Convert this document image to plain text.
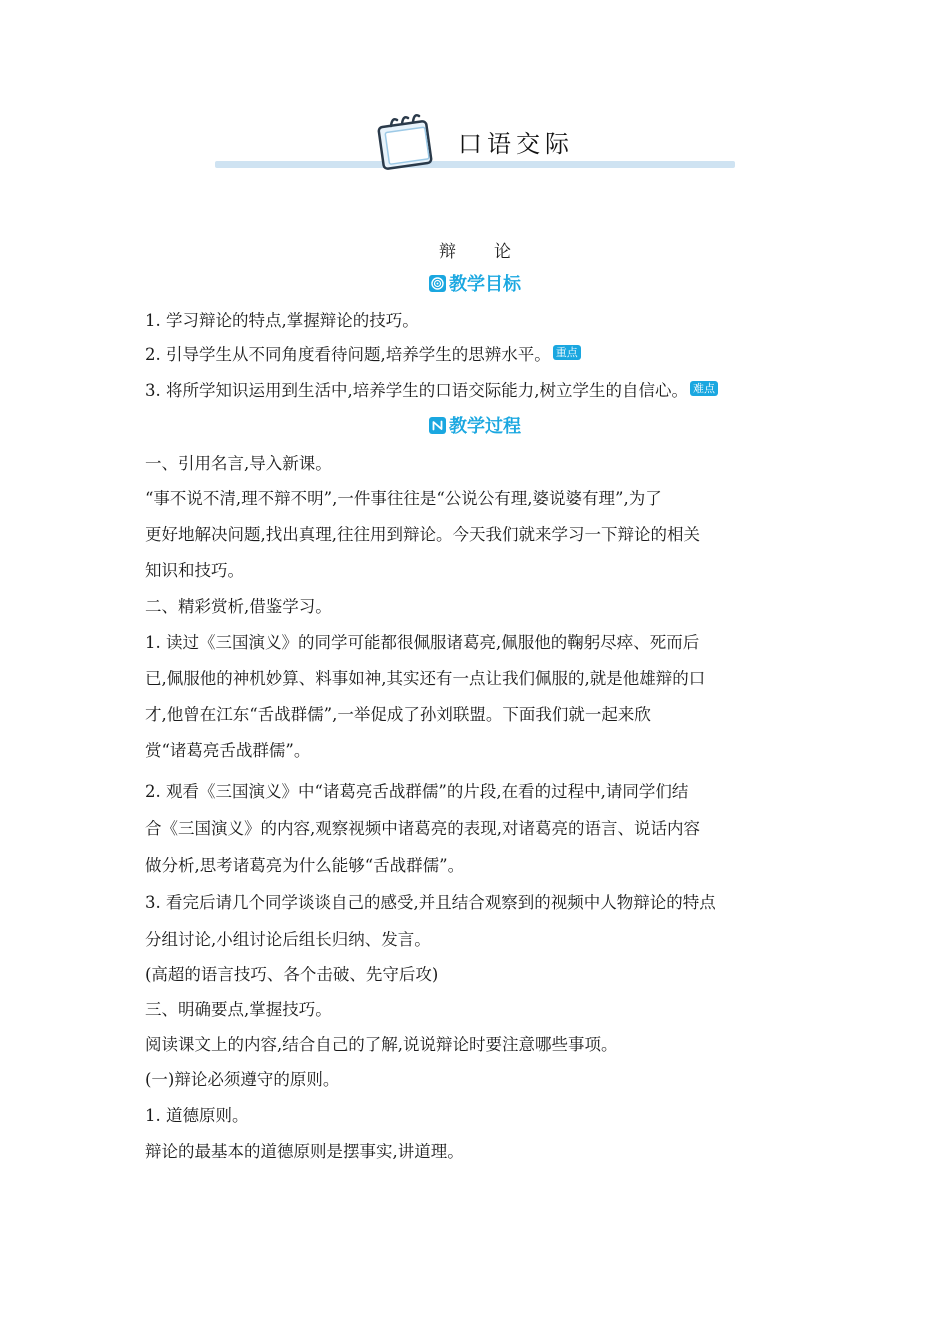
口语交际
辩 论
教学目标
1. 学习辩论的特点,掌握辩论的技巧。
2. 引导学生从不同角度看待问题,培养学生的思辨水平。 重点
3. 将所学知识运用到生活中,培养学生的口语交际能力,树立学生的自信心。 难点
教学过程
一、引用名言,导入新课。
“事不说不清,理不辩不明”,一件事往往是“公说公有理,婆说婆有理”,为了
更好地解决问题,找出真理,往往用到辩论。今天我们就来学习一下辩论的相关
知识和技巧。
二、精彩赏析,借鉴学习。
1. 读过《三国演义》的同学可能都很佩服诸葛亮,佩服他的鞠躬尽瘁、死而后
已,佩服他的神机妙算、料事如神,其实还有一点让我们佩服的,就是他雄辩的口
才,他曾在江东“舌战群儒”,一举促成了孙刘联盟。下面我们就一起来欣
赏“诸葛亮舌战群儒”。
2. 观看《三国演义》中“诸葛亮舌战群儒”的片段,在看的过程中,请同学们结
合《三国演义》的内容,观察视频中诸葛亮的表现,对诸葛亮的语言、说话内容
做分析,思考诸葛亮为什么能够“舌战群儒”。
3. 看完后请几个同学谈谈自己的感受,并且结合观察到的视频中人物辩论的特点
分组讨论,小组讨论后组长归纳、发言。
(高超的语言技巧、各个击破、先守后攻)
三、明确要点,掌握技巧。
阅读课文上的内容,结合自己的了解,说说辩论时要注意哪些事项。
(一)辩论必须遵守的原则。
1. 道德原则。
辩论的最基本的道德原则是摆事实,讲道理。
